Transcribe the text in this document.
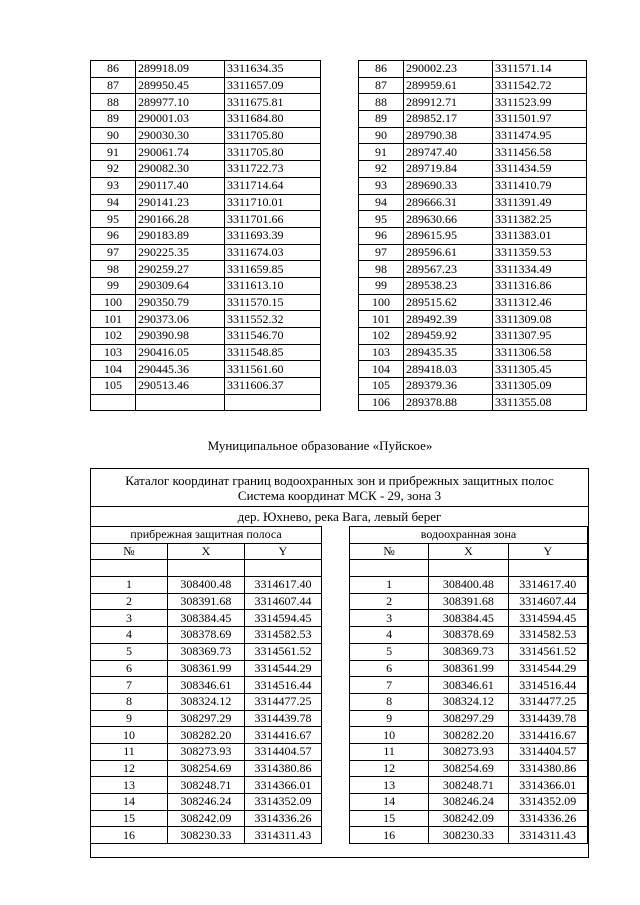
86	289918.09	3311634.35
87	289950.45	3311657.09
88	289977.10	3311675.81
89	290001.03	3311684.80
90	290030.30	3311705.80
91	290061.74	3311705.80
92	290082.30	3311722.73
93	290117.40	3311714.64
94	290141.23	3311710.01
95	290166.28	3311701.66
96	290183.89	3311693.39
97	290225.35	3311674.03
98	290259.27	3311659.85
99	290309.64	3311613.10
100	290350.79	3311570.15
101	290373.06	3311552.32
102	290390.98	3311546.70
103	290416.05	3311548.85
104	290445.36	3311561.60
105	290513.46	3311606.37

86	290002.23	3311571.14
87	289959.61	3311542.72
88	289912.71	3311523.99
89	289852.17	3311501.97
90	289790.38	3311474.95
91	289747.40	3311456.58
92	289719.84	3311434.59
93	289690.33	3311410.79
94	289666.31	3311391.49
95	289630.66	3311382.25
96	289615.95	3311383.01
97	289596.61	3311359.53
98	289567.23	3311334.49
99	289538.23	3311316.86
100	289515.62	3311312.46
101	289492.39	3311309.08
102	289459.92	3311307.95
103	289435.35	3311306.58
104	289418.03	3311305.45
105	289379.36	3311305.09
106	289378.88	3311355.08
Муниципальное образование «Пуйское»
Каталог координат границ водоохранных зон и прибрежных защитных полос
Система координат МСК - 29, зона 3
дер. Юхнево, река Вага, левый берег
прибрежная защитная полоса		
№	X	Y

1	308400.48	3314617.40
2	308391.68	3314607.44
3	308384.45	3314594.45
4	308378.69	3314582.53
5	308369.73	3314561.52
6	308361.99	3314544.29
7	308346.61	3314516.44
8	308324.12	3314477.25
9	308297.29	3314439.78
10	308282.20	3314416.67
11	308273.93	3314404.57
12	308254.69	3314380.86
13	308248.71	3314366.01
14	308246.24	3314352.09
15	308242.09	3314336.26
16	308230.33	3314311.43
водоохранная зона		
№	X	Y

1	308400.48	3314617.40
2	308391.68	3314607.44
3	308384.45	3314594.45
4	308378.69	3314582.53
5	308369.73	3314561.52
6	308361.99	3314544.29
7	308346.61	3314516.44
8	308324.12	3314477.25
9	308297.29	3314439.78
10	308282.20	3314416.67
11	308273.93	3314404.57
12	308254.69	3314380.86
13	308248.71	3314366.01
14	308246.24	3314352.09
15	308242.09	3314336.26
16	308230.33	3314311.43
